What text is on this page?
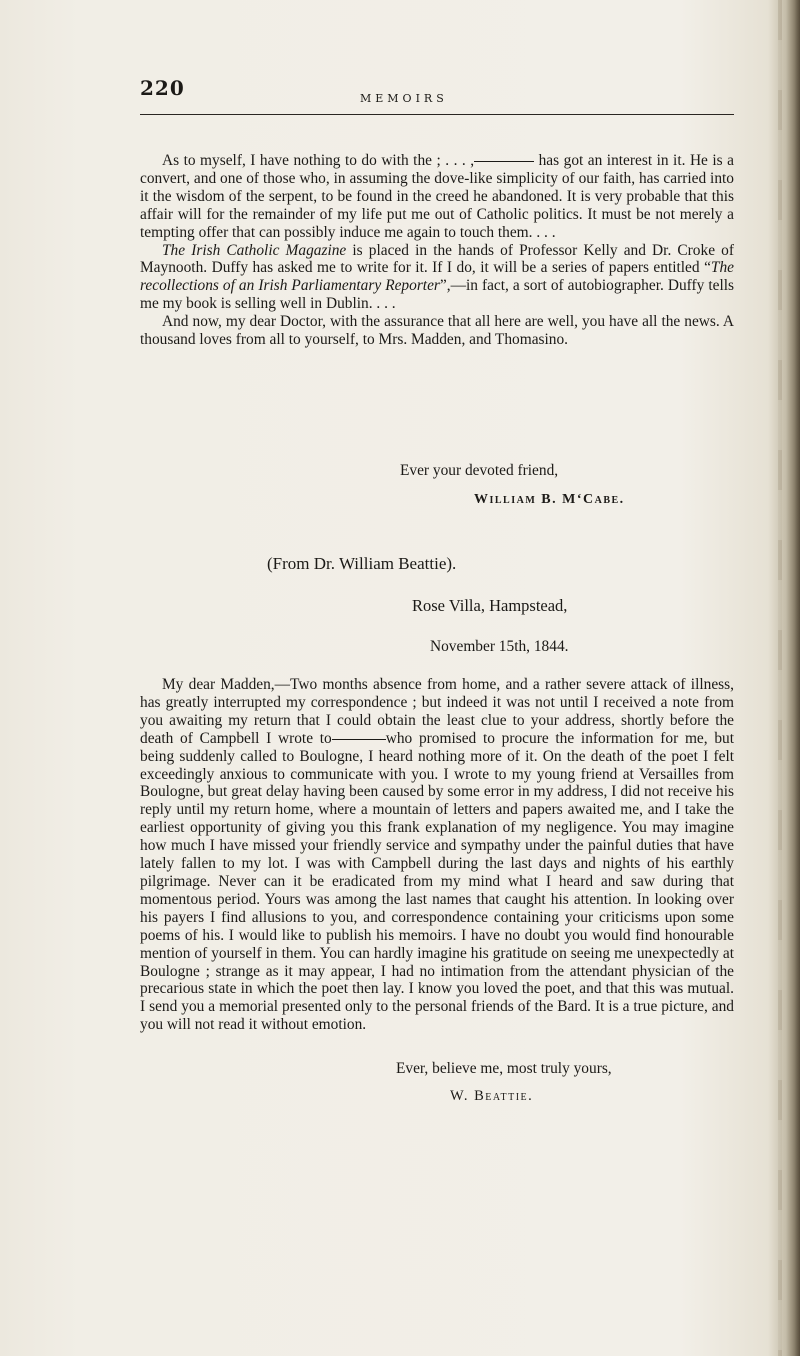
220	MEMOIRS

As to myself, I have nothing to do with the ; . . . ,	has got an interest in it. He is a convert, and one of those who, in assuming the dove-like simplicity of our faith, has carried into it the wisdom of the serpent, to be found in the creed he abandoned. It is very probable that this affair will for the remainder of my life put me out of Catholic politics. It must be not merely a tempting offer that can possibly induce me again to touch them. . . .

The Irish Catholic Magazine is placed in the hands of Professor Kelly and Dr. Croke of Maynooth. Duffy has asked me to write for it. If I do, it will be a series of papers entitled “The recollections of an Irish Parliamentary Reporter”,—in fact, a sort of autobiographer. Duffy tells me my book is selling well in Dublin. . . .

And now, my dear Doctor, with the assurance that all here are well, you have all the news. A thousand loves from all to yourself, to Mrs. Madden, and Thomasino.

Ever your devoted friend,
William B. M‘Cabe.
(From Dr. William Beattie).
Rose Villa, Hampstead,
November 15th, 1844.

My dear Madden,—Two months absence from home, and a rather severe attack of illness, has greatly interrupted my correspondence ; but indeed it was not until I received a note from you awaiting my return that I could obtain the least clue to your address, shortly before the death of Campbell I wrote to	who promised to procure the information for me, but being suddenly called to Boulogne, I heard nothing more of it. On the death of the poet I felt exceedingly anxious to communicate with you. I wrote to my young friend at Versailles from Boulogne, but great delay having been caused by some error in my address, I did not receive his reply until my return home, where a mountain of letters and papers awaited me, and I take the earliest opportunity of giving you this frank explanation of my negligence. You may imagine how much I have missed your friendly service and sympathy under the painful duties that have lately fallen to my lot. I was with Campbell during the last days and nights of his earthly pilgrimage. Never can it be eradicated from my mind what I heard and saw during that momentous period. Yours was among the last names that caught his attention. In looking over his payers I find allusions to you, and correspondence containing your criticisms upon some poems of his. I would like to publish his memoirs. I have no doubt you would find honourable mention of yourself in them. You can hardly imagine his gratitude on seeing me unexpectedly at Boulogne ; strange as it may appear, I had no intimation from the attendant physician of the precarious state in which the poet then lay. I know you loved the poet, and that this was mutual. I send you a memorial presented only to the personal friends of the Bard. It is a true picture, and you will not read it without emotion.

Ever, believe me, most truly yours,
W. Beattie.
